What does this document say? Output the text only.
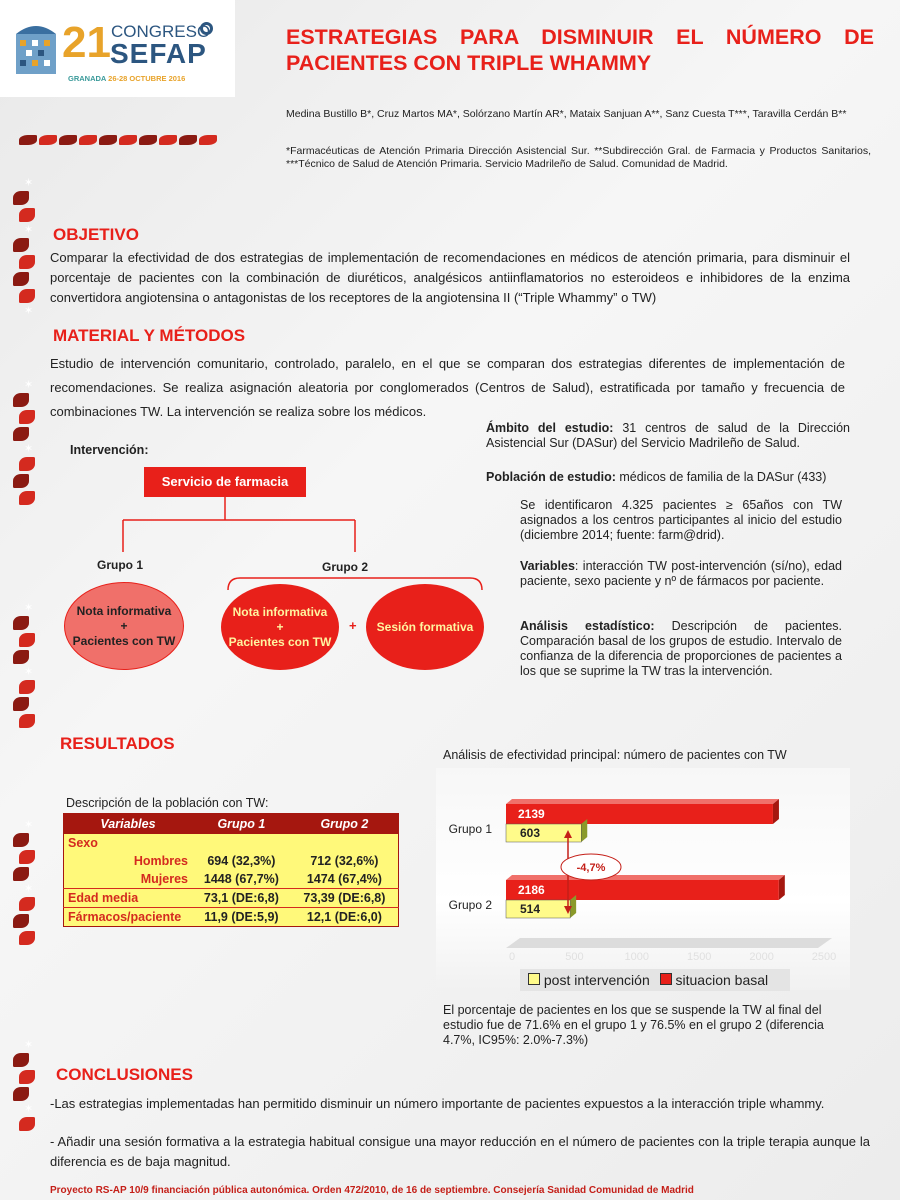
21 CONGRESO
SEFAP
GRANADA 26-28 OCTUBRE 2016
ESTRATEGIAS PARA DISMINUIR EL NÚMERO DE
PACIENTES CON TRIPLE WHAMMY
Medina Bustillo B*, Cruz Martos MA*, Solórzano Martín AR*, Mataix Sanjuan A**, Sanz Cuesta T***, Taravilla Cerdán B**
*Farmacéuticas de Atención Primaria Dirección Asistencial Sur. **Subdirección Gral. de Farmacia y Productos Sanitarios, ***Técnico de Salud de Atención Primaria. Servicio Madrileño de Salud. Comunidad de Madrid.
✶
✶
✶
✶
✶
✶
✶
✶
✶
✶
✶
OBJETIVO
Comparar la efectividad de dos estrategias de implementación de recomendaciones en médicos de atención primaria, para disminuir el porcentaje de pacientes con la combinación de diuréticos, analgésicos antiinflamatorios no esteroideos e inhibidores de la enzima convertidora angiotensina o antagonistas de los receptores de la angiotensina II (“Triple Whammy” o TW)
MATERIAL Y MÉTODOS
Estudio de intervención comunitario, controlado, paralelo, en el que se comparan dos estrategias diferentes de implementación de recomendaciones. Se realiza asignación aleatoria por conglomerados (Centros de Salud), estratificada por tamaño y frecuencia de combinaciones TW. La intervención se realiza sobre los médicos.
Intervención:
Servicio de farmacia
Grupo 1	Grupo 2
Nota informativa
+
Pacientes con TW
Nota informativa
+
Pacientes con TW
+ Sesión formativa
Ámbito del estudio: 31 centros de salud de la Dirección Asistencial Sur (DASur) del Servicio Madrileño de Salud.
Población de estudio: médicos de familia de la DASur (433)
Se identificaron 4.325 pacientes ≥ 65años con TW asignados a los centros participantes al inicio del estudio (diciembre 2014; fuente: farm@drid).
Variables: interacción TW post-intervención (sí/no), edad paciente, sexo paciente y nº de fármacos por paciente.
Análisis estadístico: Descripción de pacientes. Comparación basal de los grupos de estudio. Intervalo de confianza de la diferencia de proporciones de pacientes a los que se suprime la TW tras la intervención.
RESULTADOS
Descripción de la población con TW:
Variables	Grupo 1	Grupo 2
Sexo		
Hombres	694 (32,3%)	712 (32,6%)
Mujeres	1448 (67,7%)	1474 (67,4%)
Edad media	73,1 (DE:6,8)	73,39 (DE:6,8)
Fármacos/paciente	11,9 (DE:5,9)	12,1 (DE:6,0)
Análisis de efectividad principal: número de pacientes con TW
0	500	1000	1500	2000	2500
Grupo 1
2139
603
Grupo 2
2186
514
-4,7%
post intervención situacion basal
El porcentaje de pacientes en los que se suspende la TW al final del estudio fue de 71.6% en el grupo 1 y 76.5% en el grupo 2 (diferencia 4.7%, IC95%: 2.0%-7.3%)
CONCLUSIONES
-Las estrategias implementadas han permitido disminuir un número importante de pacientes expuestos a la interacción triple whammy.
- Añadir una sesión formativa a la estrategia habitual consigue una mayor reducción en el número de pacientes con la triple terapia aunque la diferencia es de baja magnitud.
Proyecto RS-AP 10/9 financiación pública autonómica. Orden 472/2010, de 16 de septiembre. Consejería Sanidad Comunidad de Madrid
